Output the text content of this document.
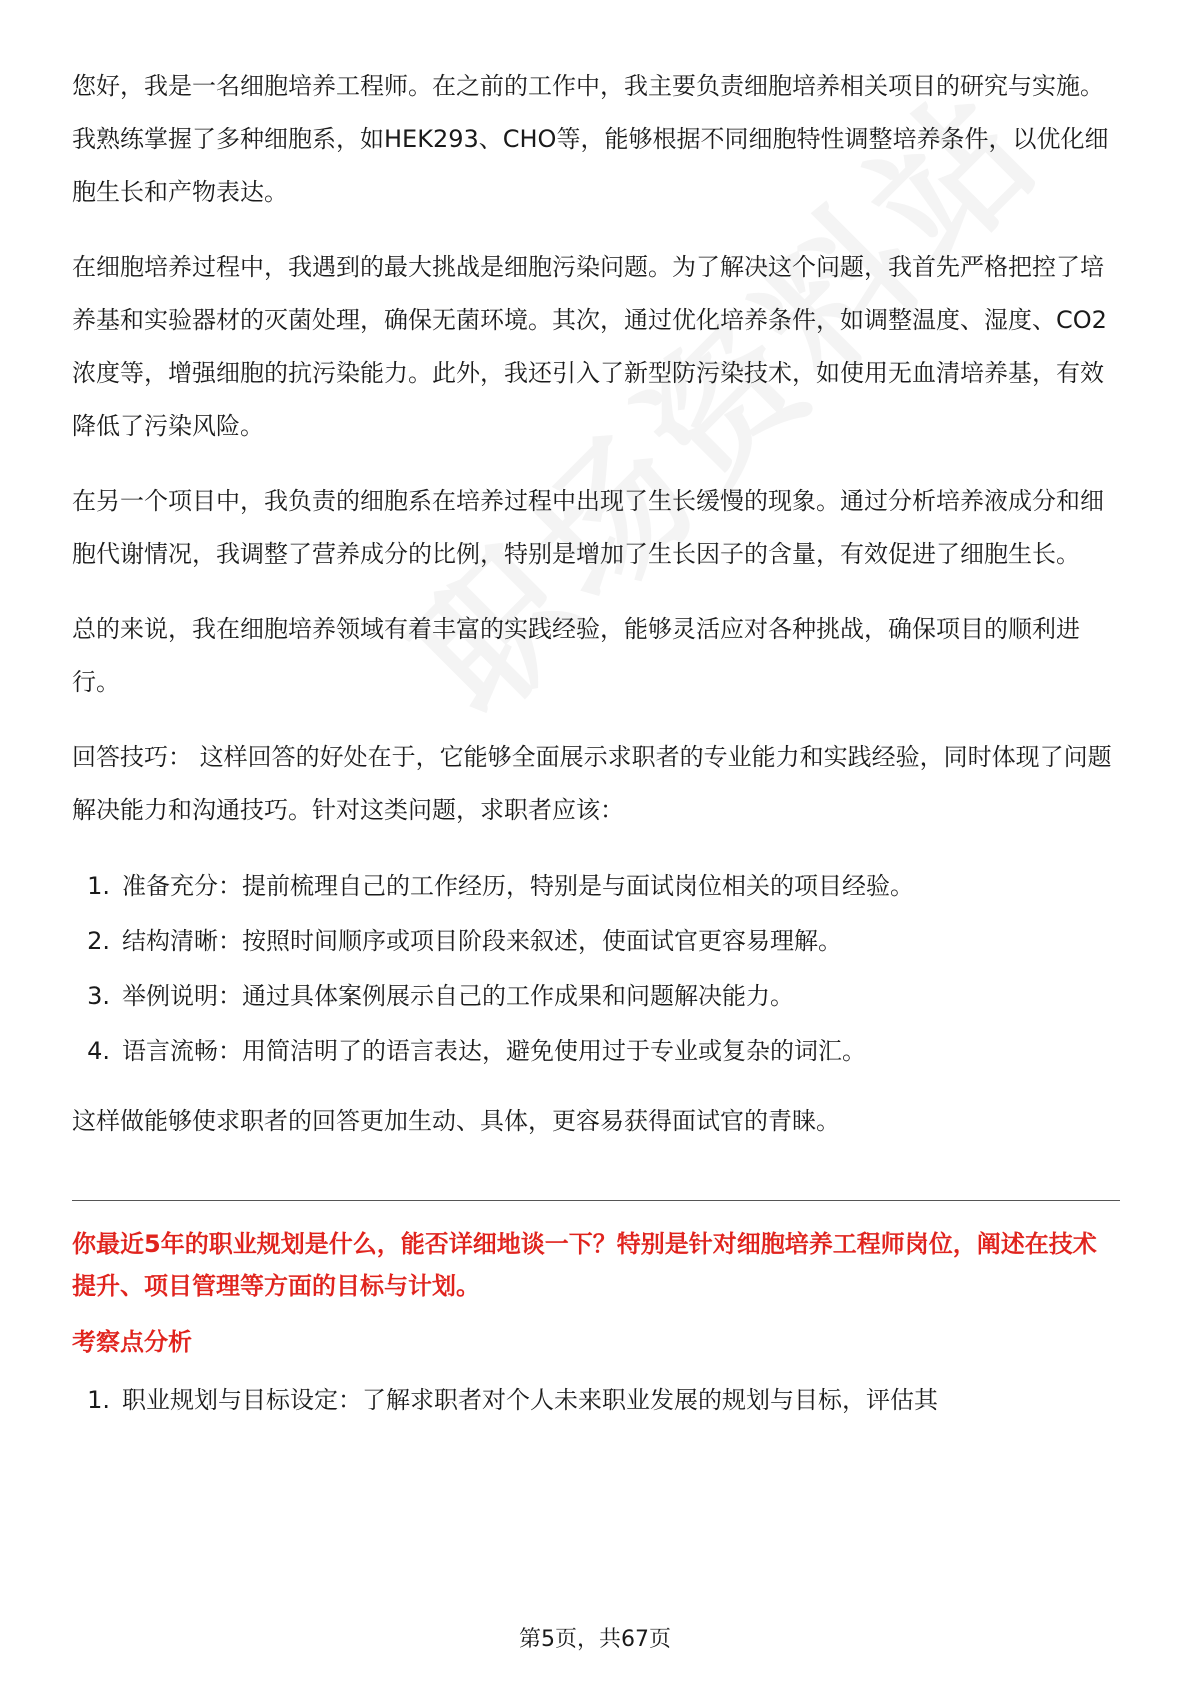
您好，我是一名细胞培养工程师。在之前的工作中，我主要负责细胞培养相关项目的研究与实施。我熟练掌握了多种细胞系，如HEK293、CHO等，能够根据不同细胞特性调整培养条件，以优化细胞生长和产物表达。

在细胞培养过程中，我遇到的最大挑战是细胞污染问题。为了解决这个问题，我首先严格把控了培养基和实验器材的灭菌处理，确保无菌环境。其次，通过优化培养条件，如调整温度、湿度、CO2浓度等，增强细胞的抗污染能力。此外，我还引入了新型防污染技术，如使用无血清培养基，有效降低了污染风险。

在另一个项目中，我负责的细胞系在培养过程中出现了生长缓慢的现象。通过分析培养液成分和细胞代谢情况，我调整了营养成分的比例，特别是增加了生长因子的含量，有效促进了细胞生长。

总的来说，我在细胞培养领域有着丰富的实践经验，能够灵活应对各种挑战，确保项目的顺利进行。

回答技巧： 这样回答的好处在于，它能够全面展示求职者的专业能力和实践经验，同时体现了问题解决能力和沟通技巧。针对这类问题，求职者应该：

1. 准备充分：提前梳理自己的工作经历，特别是与面试岗位相关的项目经验。
2. 结构清晰：按照时间顺序或项目阶段来叙述，使面试官更容易理解。
3. 举例说明：通过具体案例展示自己的工作成果和问题解决能力。
4. 语言流畅：用简洁明了的语言表达，避免使用过于专业或复杂的词汇。

这样做能够使求职者的回答更加生动、具体，更容易获得面试官的青睐。

你最近5年的职业规划是什么，能否详细地谈一下？特别是针对细胞培养工程师岗位，阐述在技术提升、项目管理等方面的目标与计划。

考察点分析

1. 职业规划与目标设定：了解求职者对个人未来职业发展的规划与目标，评估其
第5页，共67页
